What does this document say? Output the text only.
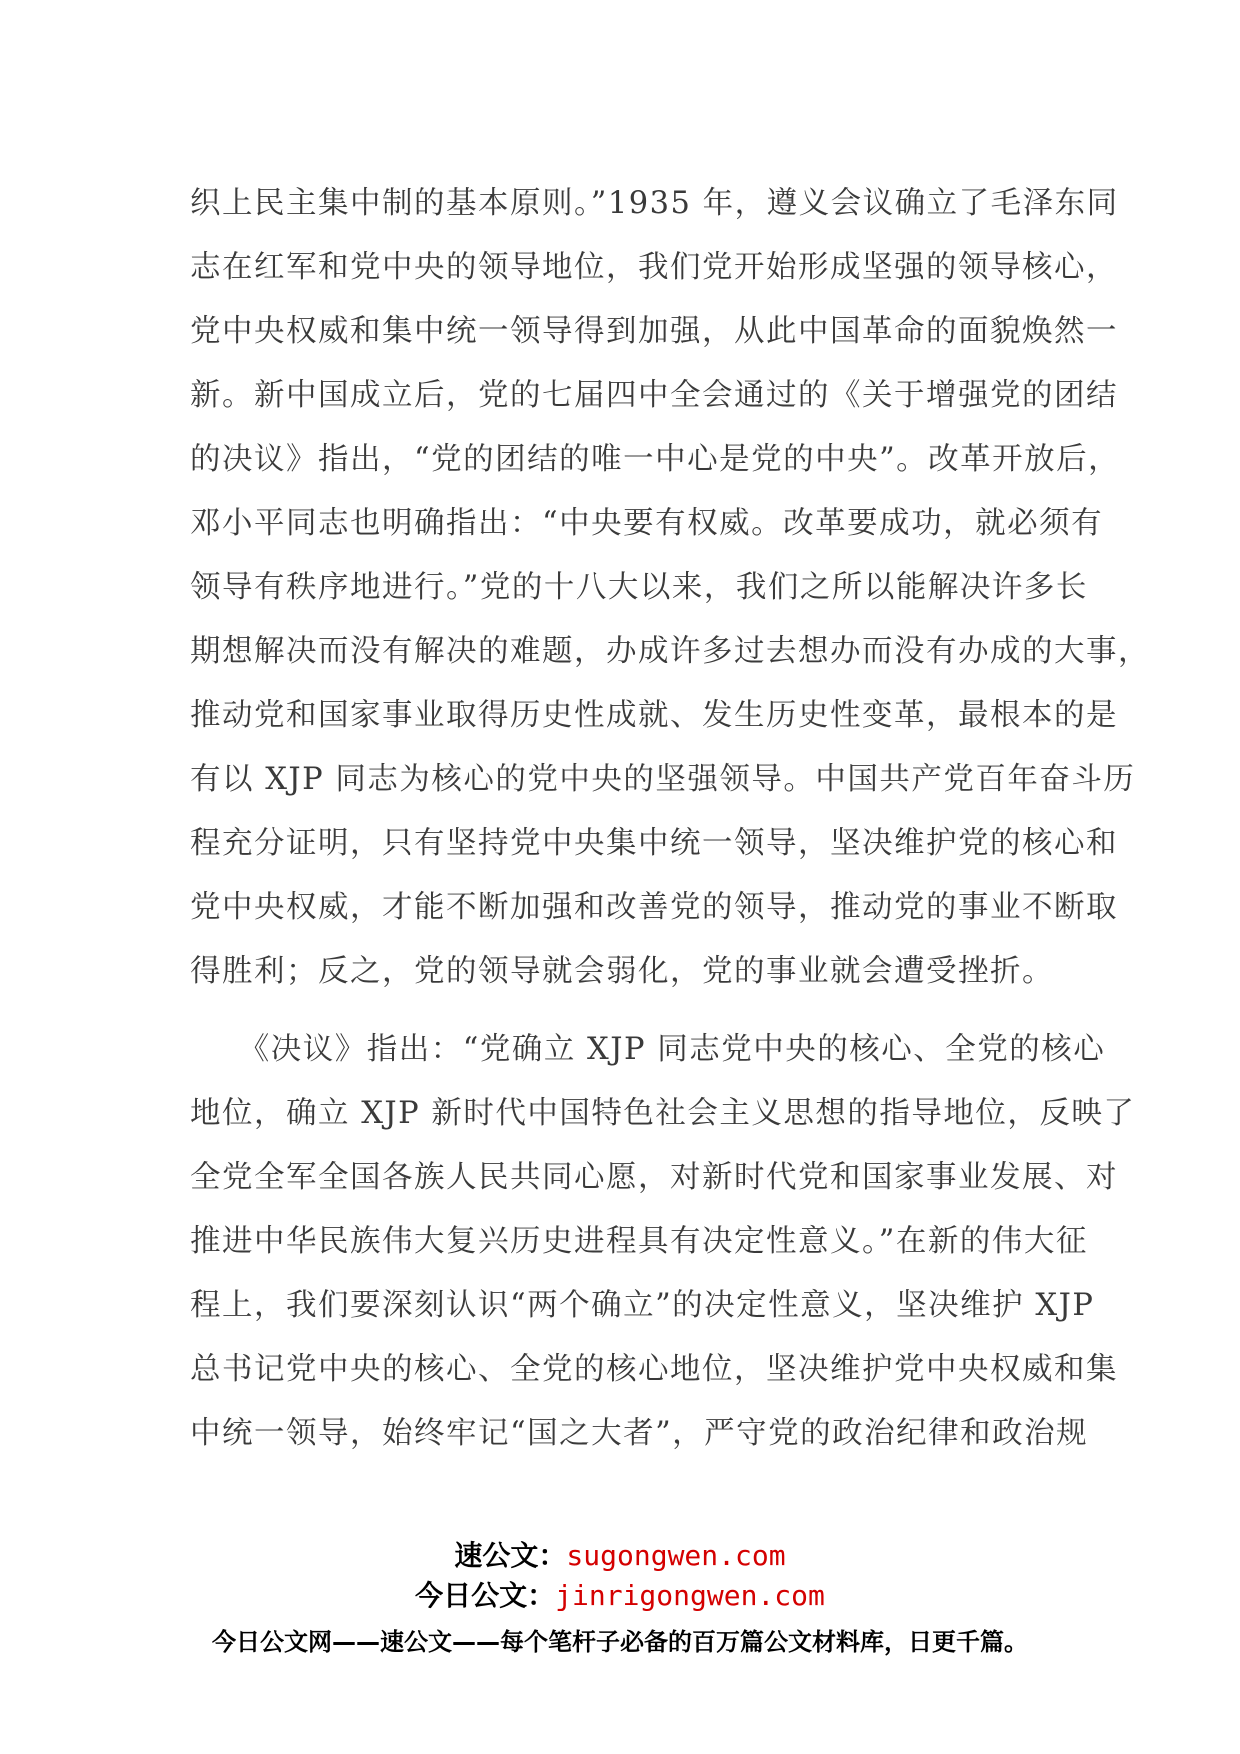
织上民主集中制的基本原则。”1935 年，遵义会议确立了毛泽东同
志在红军和党中央的领导地位，我们党开始形成坚强的领导核心，
党中央权威和集中统一领导得到加强，从此中国革命的面貌焕然一
新。新中国成立后，党的七届四中全会通过的《关于增强党的团结
的决议》指出，“党的团结的唯一中心是党的中央”。改革开放后，
邓小平同志也明确指出：“中央要有权威。改革要成功，就必须有
领导有秩序地进行。”党的十八大以来，我们之所以能解决许多长
期想解决而没有解决的难题，办成许多过去想办而没有办成的大事，
推动党和国家事业取得历史性成就、发生历史性变革，最根本的是
有以 XJP 同志为核心的党中央的坚强领导。中国共产党百年奋斗历
程充分证明，只有坚持党中央集中统一领导，坚决维护党的核心和
党中央权威，才能不断加强和改善党的领导，推动党的事业不断取
得胜利；反之，党的领导就会弱化，党的事业就会遭受挫折。
　　《决议》指出：“党确立 XJP 同志党中央的核心、全党的核心
地位，确立 XJP 新时代中国特色社会主义思想的指导地位，反映了
全党全军全国各族人民共同心愿，对新时代党和国家事业发展、对
推进中华民族伟大复兴历史进程具有决定性意义。”在新的伟大征
程上，我们要深刻认识“两个确立”的决定性意义，坚决维护 XJP
总书记党中央的核心、全党的核心地位，坚决维护党中央权威和集
中统一领导，始终牢记“国之大者”，严守党的政治纪律和政治规
速公文：sugongwen.com
今日公文：jinrigongwen.com
今日公文网——速公文——每个笔杆子必备的百万篇公文材料库，日更千篇。
